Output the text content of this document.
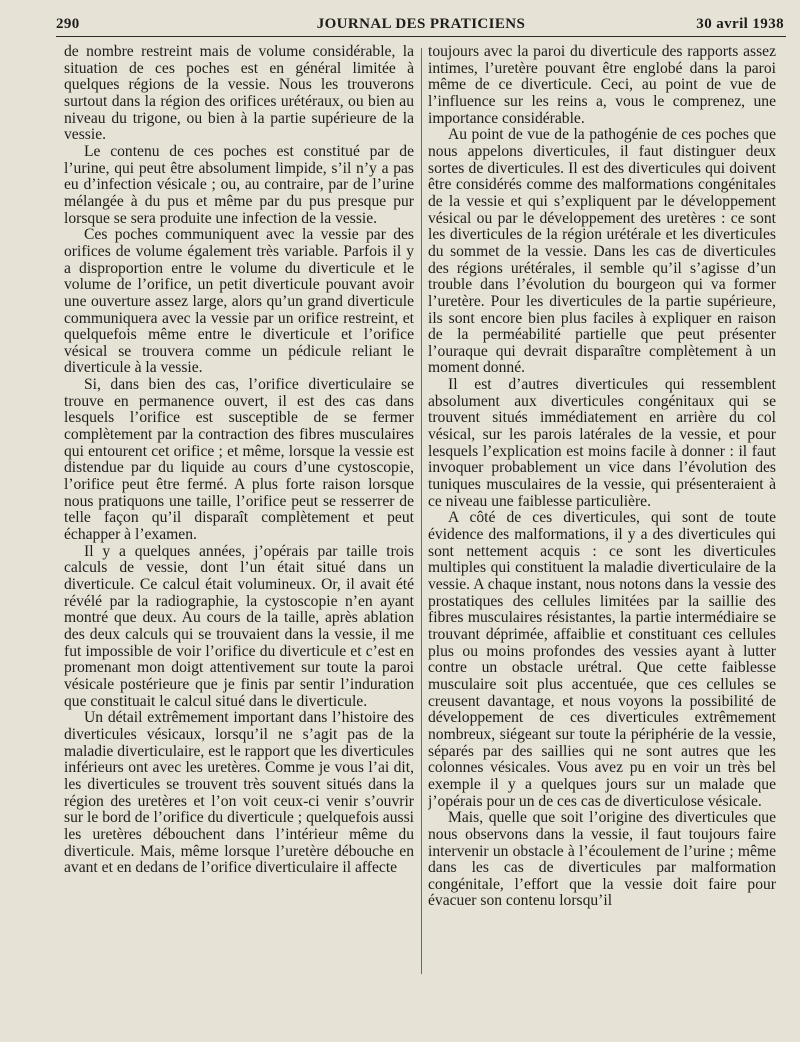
290	JOURNAL DES PRATICIENS	30 avril 1938

de nombre restreint mais de volume considérable, la situation de ces poches est en général limitée à quelques régions de la vessie. Nous les trouverons surtout dans la région des orifices urétéraux, ou bien au niveau du trigone, ou bien à la partie supérieure de la vessie.

Le contenu de ces poches est constitué par de l’urine, qui peut être absolument limpide, s’il n’y a pas eu d’infection vésicale ; ou, au contraire, par de l’urine mélangée à du pus et même par du pus presque pur lorsque se sera produite une infection de la vessie.

Ces poches communiquent avec la vessie par des orifices de volume également très variable. Parfois il y a disproportion entre le volume du diverticule et le volume de l’orifice, un petit diverticule pouvant avoir une ouverture assez large, alors qu’un grand diverticule communiquera avec la vessie par un orifice restreint, et quelquefois même entre le diverticule et l’orifice vésical se trouvera comme un pédicule reliant le diverticule à la vessie.

Si, dans bien des cas, l’orifice diverticulaire se trouve en permanence ouvert, il est des cas dans lesquels l’orifice est susceptible de se fermer complètement par la contraction des fibres musculaires qui entourent cet orifice ; et même, lorsque la vessie est distendue par du liquide au cours d’une cystoscopie, l’orifice peut être fermé. A plus forte raison lorsque nous pratiquons une taille, l’orifice peut se resserrer de telle façon qu’il disparaît complètement et peut échapper à l’examen.

Il y a quelques années, j’opérais par taille trois calculs de vessie, dont l’un était situé dans un diverticule. Ce calcul était volumineux. Or, il avait été révélé par la radiographie, la cystoscopie n’en ayant montré que deux. Au cours de la taille, après ablation des deux calculs qui se trouvaient dans la vessie, il me fut impossible de voir l’orifice du diverticule et c’est en promenant mon doigt attentivement sur toute la paroi vésicale postérieure que je finis par sentir l’induration que constituait le calcul situé dans le diverticule.

Un détail extrêmement important dans l’histoire des diverticules vésicaux, lorsqu’il ne s’agit pas de la maladie diverticulaire, est le rapport que les diverticules inférieurs ont avec les uretères. Comme je vous l’ai dit, les diverticules se trouvent très souvent situés dans la région des uretères et l’on voit ceux-ci venir s’ouvrir sur le bord de l’orifice du diverticule ; quelquefois aussi les uretères débouchent dans l’intérieur même du diverticule. Mais, même lorsque l’uretère débouche en avant et en dedans de l’orifice diverticulaire il affecte

toujours avec la paroi du diverticule des rapports assez intimes, l’uretère pouvant être englobé dans la paroi même de ce diverticule. Ceci, au point de vue de l’influence sur les reins a, vous le comprenez, une importance considérable.

Au point de vue de la pathogénie de ces poches que nous appelons diverticules, il faut distinguer deux sortes de diverticules. Il est des diverticules qui doivent être considérés comme des malformations congénitales de la vessie et qui s’expliquent par le développement vésical ou par le développement des uretères : ce sont les diverticules de la région urétérale et les diverticules du sommet de la vessie. Dans les cas de diverticules des régions urétérales, il semble qu’il s’agisse d’un trouble dans l’évolution du bourgeon qui va former l’uretère. Pour les diverticules de la partie supérieure, ils sont encore bien plus faciles à expliquer en raison de la perméabilité partielle que peut présenter l’ouraque qui devrait disparaître complètement à un moment donné.

Il est d’autres diverticules qui ressemblent absolument aux diverticules congénitaux qui se trouvent situés immédiatement en arrière du col vésical, sur les parois latérales de la vessie, et pour lesquels l’explication est moins facile à donner : il faut invoquer probablement un vice dans l’évolution des tuniques musculaires de la vessie, qui présenteraient à ce niveau une faiblesse particulière.

A côté de ces diverticules, qui sont de toute évidence des malformations, il y a des diverticules qui sont nettement acquis : ce sont les diverticules multiples qui constituent la maladie diverticulaire de la vessie. A chaque instant, nous notons dans la vessie des prostatiques des cellules limitées par la saillie des fibres musculaires résistantes, la partie intermédiaire se trouvant déprimée, affaiblie et constituant ces cellules plus ou moins profondes des vessies ayant à lutter contre un obstacle urétral. Que cette faiblesse musculaire soit plus accentuée, que ces cellules se creusent davantage, et nous voyons la possibilité de développement de ces diverticules extrêmement nombreux, siégeant sur toute la périphérie de la vessie, séparés par des saillies qui ne sont autres que les colonnes vésicales. Vous avez pu en voir un très bel exemple il y a quelques jours sur un malade que j’opérais pour un de ces cas de diverticulose vésicale.

Mais, quelle que soit l’origine des diverticules que nous observons dans la vessie, il faut toujours faire intervenir un obstacle à l’écoulement de l’urine ; même dans les cas de diverticules par malformation congénitale, l’effort que la vessie doit faire pour évacuer son contenu lorsqu’il
